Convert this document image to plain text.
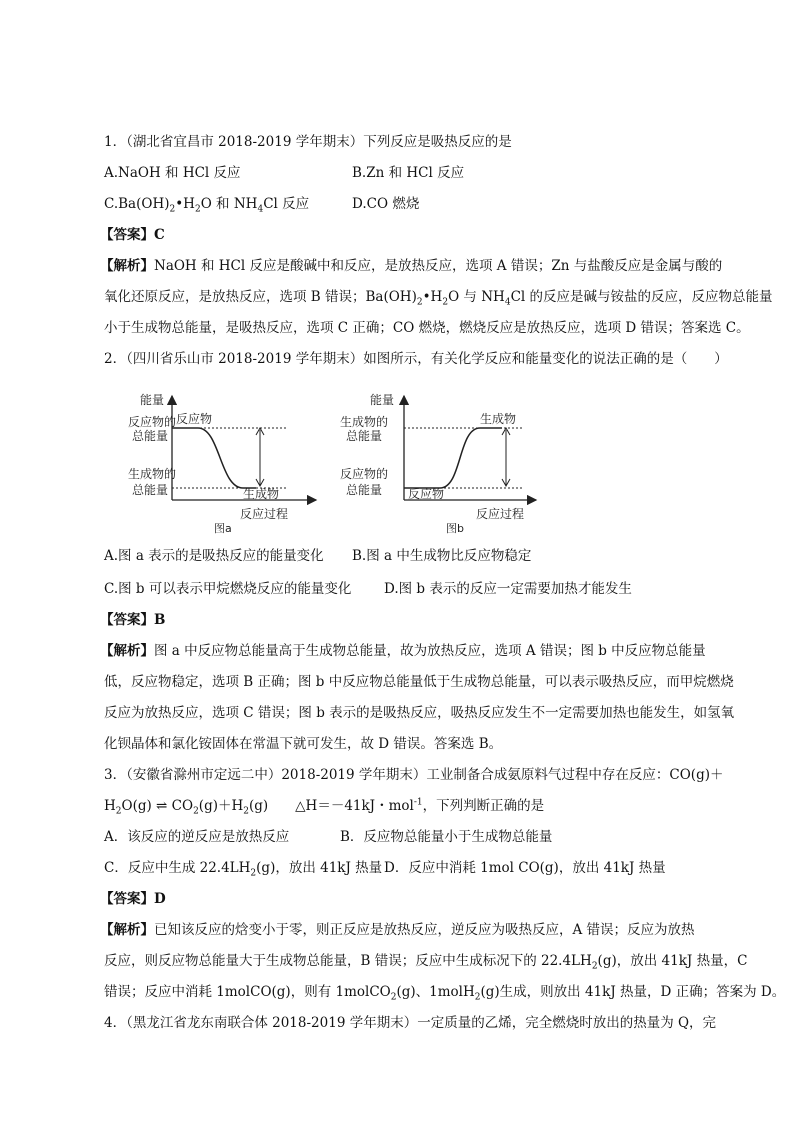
1．（湖北省宜昌市 2018-2019 学年期末）下列反应是吸热反应的是
A.NaOH 和 HCl 反应	B.Zn 和 HCl 反应
$C.Ba(OH)_2•H_2O$ 和 $NH_4Cl$ 反应	D.CO 燃烧
【答案】C
【解析】NaOH 和 HCl 反应是酸碱中和反应，是放热反应，选项 A 错误；Zn 与盐酸反应是金属与酸的
氧化还原反应，是放热反应，选项 B 错误；$Ba(OH)_2•H_2O$ 与 $NH_4Cl$ 的反应是碱与铵盐的反应，反应物总能量
小于生成物总能量，是吸热反应，选项 C 正确；CO 燃烧，燃烧反应是放热反应，选项 D 错误；答案选 C。
2．（四川省乐山市 2018-2019 学年期末）如图所示，有关化学反应和能量变化的说法正确的是（　　）
能量
反应物的
总能量
反应物
生成物的
总能量	生成物
反应过程
图a
能量
生成物的
总能量
生成物
反应物的
总能量 反应物
反应过程
图b
A.图 a 表示的是吸热反应的能量变化	B.图 a 中生成物比反应物稳定
C.图 b 可以表示甲烷燃烧反应的能量变化	D.图 b 表示的反应一定需要加热才能发生
【答案】B
【解析】图 a 中反应物总能量高于生成物总能量，故为放热反应，选项 A 错误；图 b 中反应物总能量
低，反应物稳定，选项 B 正确；图 b 中反应物总能量低于生成物总能量，可以表示吸热反应，而甲烷燃烧
反应为放热反应，选项 C 错误；图 b 表示的是吸热反应，吸热反应发生不一定需要加热也能发生，如氢氧
化钡晶体和氯化铵固体在常温下就可发生，故 D 错误。答案选 B。
3．（安徽省滁州市定远二中）2018-2019 学年期末）工业制备合成氨原料气过程中存在反应：CO(g)＋
$H_2O(g)$ ⇌ $CO_2(g)+H_2(g)$　　△H＝－41kJ・mol$^{-1}$，下列判断正确的是
A．该反应的逆反应是放热反应	B．反应物总能量小于生成物总能量
C．反应中生成 $22.4LH_2(g)$，放出 41kJ 热量 D．反应中消耗 1mol CO(g)，放出 41kJ 热量
【答案】D
【解析】已知该反应的焓变小于零，则正反应是放热反应，逆反应为吸热反应，A 错误；反应为放热
反应，则反应物总能量大于生成物总能量，B 错误；反应中生成标况下的 $22.4LH_2(g)$，放出 41kJ 热量，C
错误；反应中消耗 1molCO(g)，则有 1molCO$_2$(g)、1molH$_2$(g)生成，则放出 41kJ 热量，D 正确；答案为 D。
4．（黑龙江省龙东南联合体 2018-2019 学年期末）一定质量的乙烯，完全燃烧时放出的热量为 Q，完
